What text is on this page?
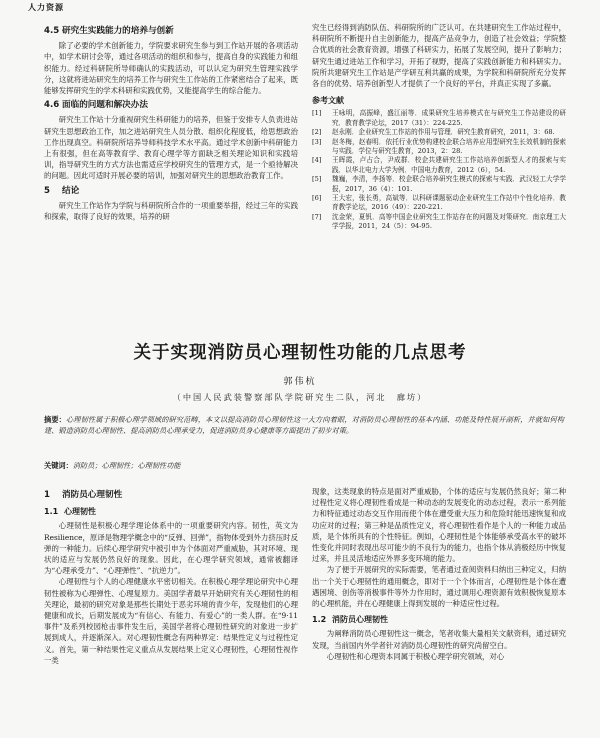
人力资源
4.5 研究生实践能力的培养与创新

除了必要的学术创新能力，学院要求研究生参与到工作站开展的各项活动中，如学术研讨会等，通过各项活动的组织和参与，提高自身的实践能力和组织能力。经过科研院所导师确认的实践活动，可以认定为研究生管理实践学分，这就将进站研究生的培养工作与研究生工作站的工作紧密结合了起来，既能够发挥研究生的学术科研和实践优势，又能提高学生的综合能力。

4.6 面临的问题和解决办法

研究生工作站十分重视研究生科研能力的培养，但鉴于安排专人负责进站研究生思想政治工作，加之进站研究生人员分散、组织化程度低，给思想政治工作出现真空。科研院所培养导师科技学术水平高。通过学术创新中科研能力上有很强，但在高等教育学、教育心理学等方面缺乏相关理论知识和实践培训，指导研究生的方式方法也需适应学校研究生的管理方式，是一个亟待解决的问题。因此可适时开展必要的培训，加强对研究生的思想政治教育工作。

5 结论

研究生工作站作为学院与科研院所合作的一项重要举措，经过三年的实践和探索，取得了良好的效果，培养的研

究生已经得到消防队伍、科研院所的广泛认可。在共建研究生工作站过程中，科研院所不断提升自主创新能力，提高产品竞争力，创造了社会效益；学院整合优质的社会教育资源，增强了科研实力，拓展了发展空间，提升了影响力；研究生通过进站工作和学习，开拓了视野，提高了实践创新能力和科研实力。院所共建研究生工作站是产学研互利共赢的成果，为学院和科研院所充分发挥各自的优势、培养创新型人才提供了一个良好的平台，并真正实现了多赢。

参考文献
[1]	王咏明，高振峰，盛江丽等．成果研究生培养模式在与研究生工作站建设的研究．教育教学论坛，2017（31）：224-225.
[2]	赵永刚．企业研究生工作站的作用与管理．研究生教育研究，2011，3：68.
[3]	赵冬梅，赵春明．依托行业优势构建校企联合培养应用型研究生长效机制的探索与实践．学位与研究生教育，2013，2：28.
[4]	王晖霞，卢占合，尹成群．校企共建研究生工作站培养创新型人才的探索与实践．以华北电力大学为例．中国电力教育，2012（6），54.
[5]	魏巍，李清，李扬等．校企联合培养研究生模式的探索与实践．武汉轻工大学学报，2017，36（4）：101.
[6]	王大宏，张长勇，高斌等．以科研课题驱动企业研究生工作站中个性化培养．教育教学论坛，2016（49）：220-221.
[7]	沈金荣，夏钒．高等中国企业研究生工作站存在的问题及对策研究．南京理工大学学报，2011，24（5）：94-95.
关于实现消防员心理韧性功能的几点思考
郭伟杭
（中国人民武装警察部队学院研究生二队，河北　廊坊）
摘要：心理韧性属于积极心理学领域的研究范畴，本文以提高消防员心理韧性这一大方向着眼，对消防员心理韧性的基本内涵、功能及特性展开剖析，并就如何构建、锻造消防员心理韧性、提高消防员心理承受力，促进消防员身心健康等方面提出了初步对策。
关键词：消防员；心理韧性；心理韧性功能
1 消防员心理韧性
1.1 心理韧性

心理韧性是积极心理学理论体系中的一项重要研究内容。韧性，英文为 Resilience，原译是物理学概念中的“反弹、回弹”，指物体受到外力挤压时反弹的一种能力。后续心理学研究中被引申为个体面对严重威胁，其对环境、现状的适应与发展仍然良好的现象。因此，在心理学研究领域，通常被翻译为“心理承受力”、“心理弹性”、“抗逆力”。

心理韧性与个人的心理健康水平密切相关。在积极心理学理论研究中心理韧性被称为心理弹性、心理复原力。美国学者最早开始研究有关心理韧性的相关理论，最初的研究对象是那些长期处于恶劣环境的青少年，发现他们的心理健康和成长，后期发展成为“有信心、有能力、有爱心”的一类人群。在“9·11 事件”及系列校园枪击事件发生后，美国学者将心理韧性研究的对象进一步扩展到成人，并逐渐深入。对心理韧性概念有两种界定：结果性定义与过程性定义。首先，第一种结果性定义重点从发展结果上定义心理韧性，心理韧性视作一类

现象，这类现象的特点是面对严重威胁，个体的适应与发展仍然良好；第二种过程性定义将心理韧性看成是一种动态的发展变化的动态过程，表示一系列能力和特征通过动态交互作用而使个体在遭受重大压力和危险时能迅速恢复和成功应对的过程；第三种是品质性定义，将心理韧性看作是个人的一种能力或品质，是个体所具有的个性特征。例如，心理韧性是个体能够承受高水平的破坏性变化并同时表现出尽可能少的不良行为的能力，也指个体从消极经历中恢复过来，并且灵活地适应外界多变环境的能力。

为了便于开展研究的实际需要，笔者通过查阅资料归纳出三种定义，归纳出一个关于心理韧性的通用概念，即对于一个个体而言，心理韧性是个体在遭遇困境、创伤等消极事件等外力作用时，通过调用心理资源有效积极恢复原本的心理机能，并在心理健康上得到发展的一种适应性过程。

1.2 消防员心理韧性

为阐释消防员心理韧性这一概念，笔者收集大量相关文献资料，通过研究发现，当前国内外学者针对消防员心理韧性的研究尚留空白。

心理韧性和心理资本同属于积极心理学研究领域，对心
